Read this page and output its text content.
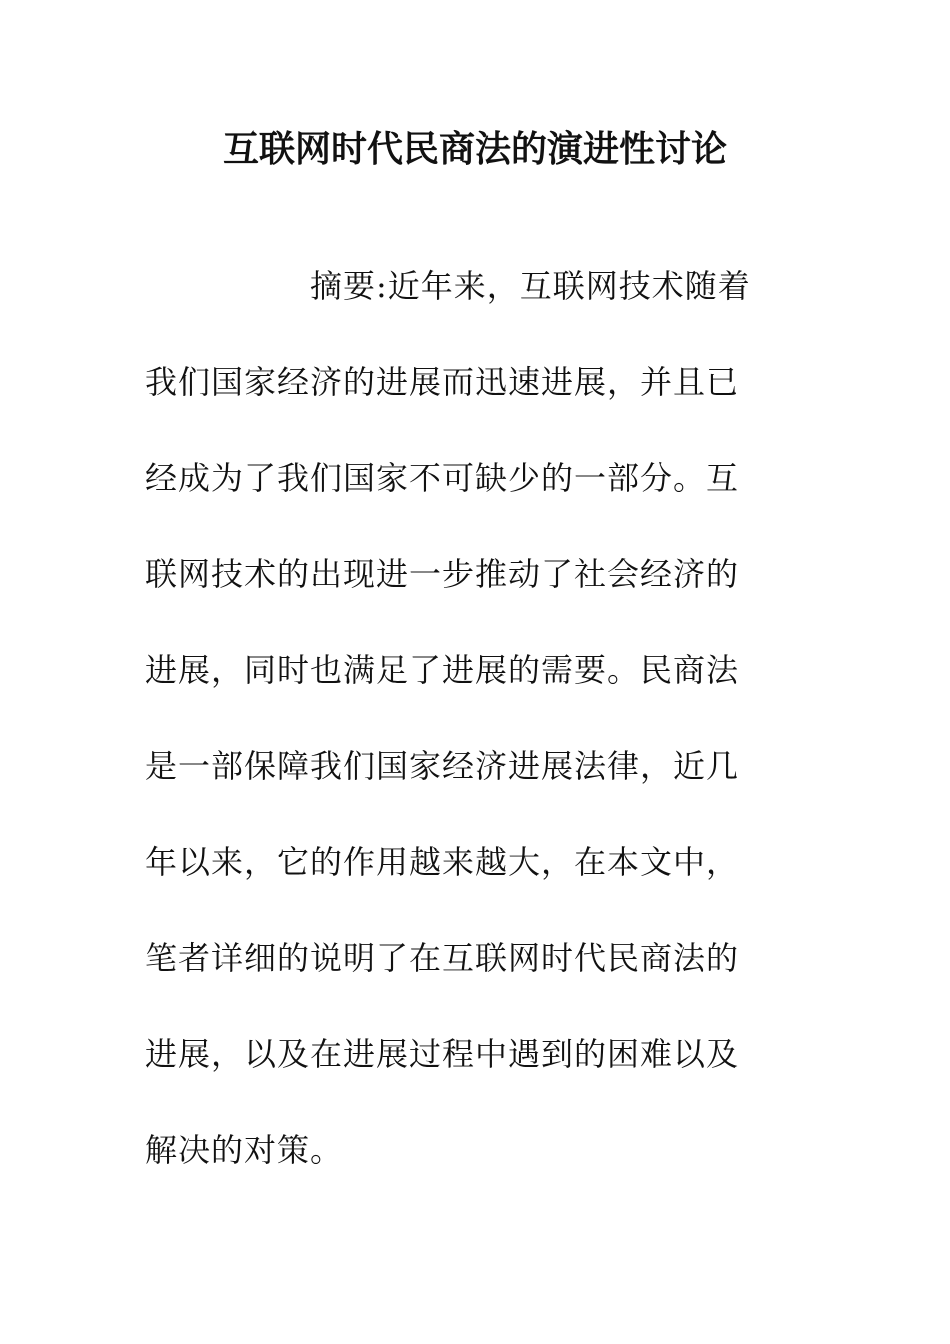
互联网时代民商法的演进性讨论
摘要:近年来，互联网技术随着
我们国家经济的进展而迅速进展，并且已
经成为了我们国家不可缺少的一部分。互
联网技术的出现进一步推动了社会经济的
进展，同时也满足了进展的需要。民商法
是一部保障我们国家经济进展法律，近几
年以来，它的作用越来越大，在本文中，
笔者详细的说明了在互联网时代民商法的
进展，以及在进展过程中遇到的困难以及
解决的对策。
